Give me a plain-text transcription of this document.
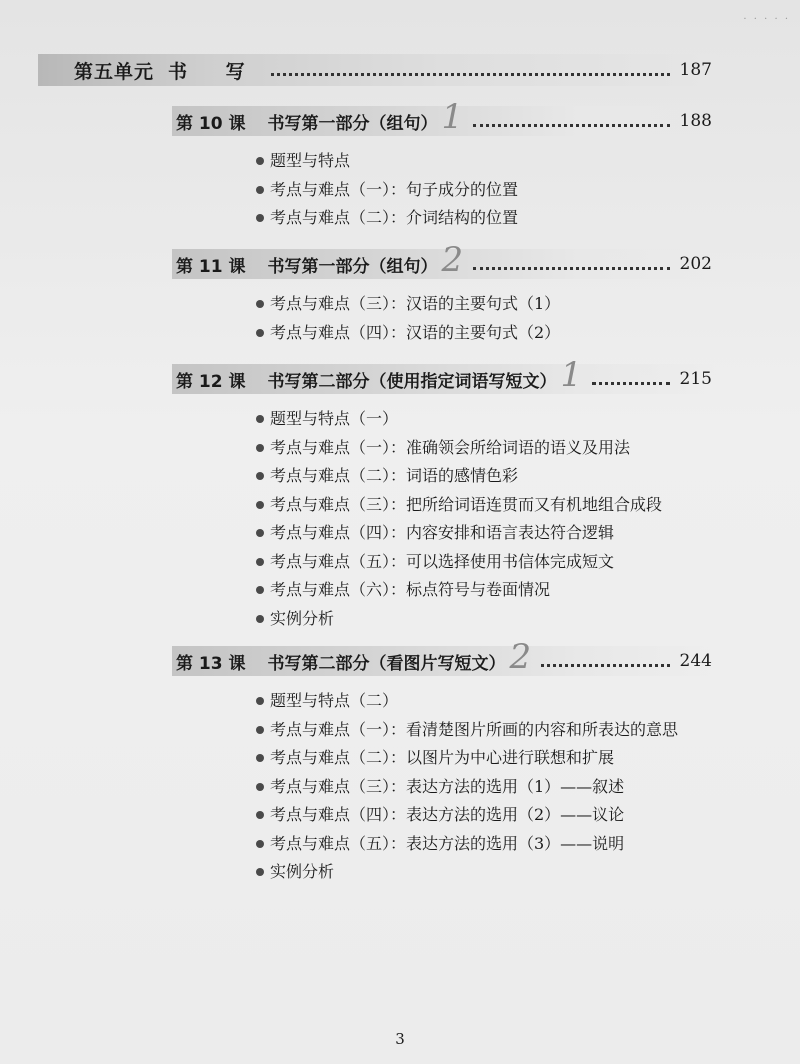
· · · · ·
第五单元 书 写	187
第 10 课 书写第一部分（组句） 1	188
题型与特点
考点与难点（一）：句子成分的位置
考点与难点（二）：介词结构的位置
第 11 课 书写第一部分（组句） 2	202
考点与难点（三）：汉语的主要句式（1）
考点与难点（四）：汉语的主要句式（2）
第 12 课 书写第二部分（使用指定词语写短文） 1	215
题型与特点（一）
考点与难点（一）：准确领会所给词语的语义及用法
考点与难点（二）：词语的感情色彩
考点与难点（三）：把所给词语连贯而又有机地组合成段
考点与难点（四）：内容安排和语言表达符合逻辑
考点与难点（五）：可以选择使用书信体完成短文
考点与难点（六）：标点符号与卷面情况
实例分析
第 13 课 书写第二部分（看图片写短文） 2	244
题型与特点（二）
考点与难点（一）：看清楚图片所画的内容和所表达的意思
考点与难点（二）：以图片为中心进行联想和扩展
考点与难点（三）：表达方法的选用（1）——叙述
考点与难点（四）：表达方法的选用（2）——议论
考点与难点（五）：表达方法的选用（3）——说明
实例分析
3
